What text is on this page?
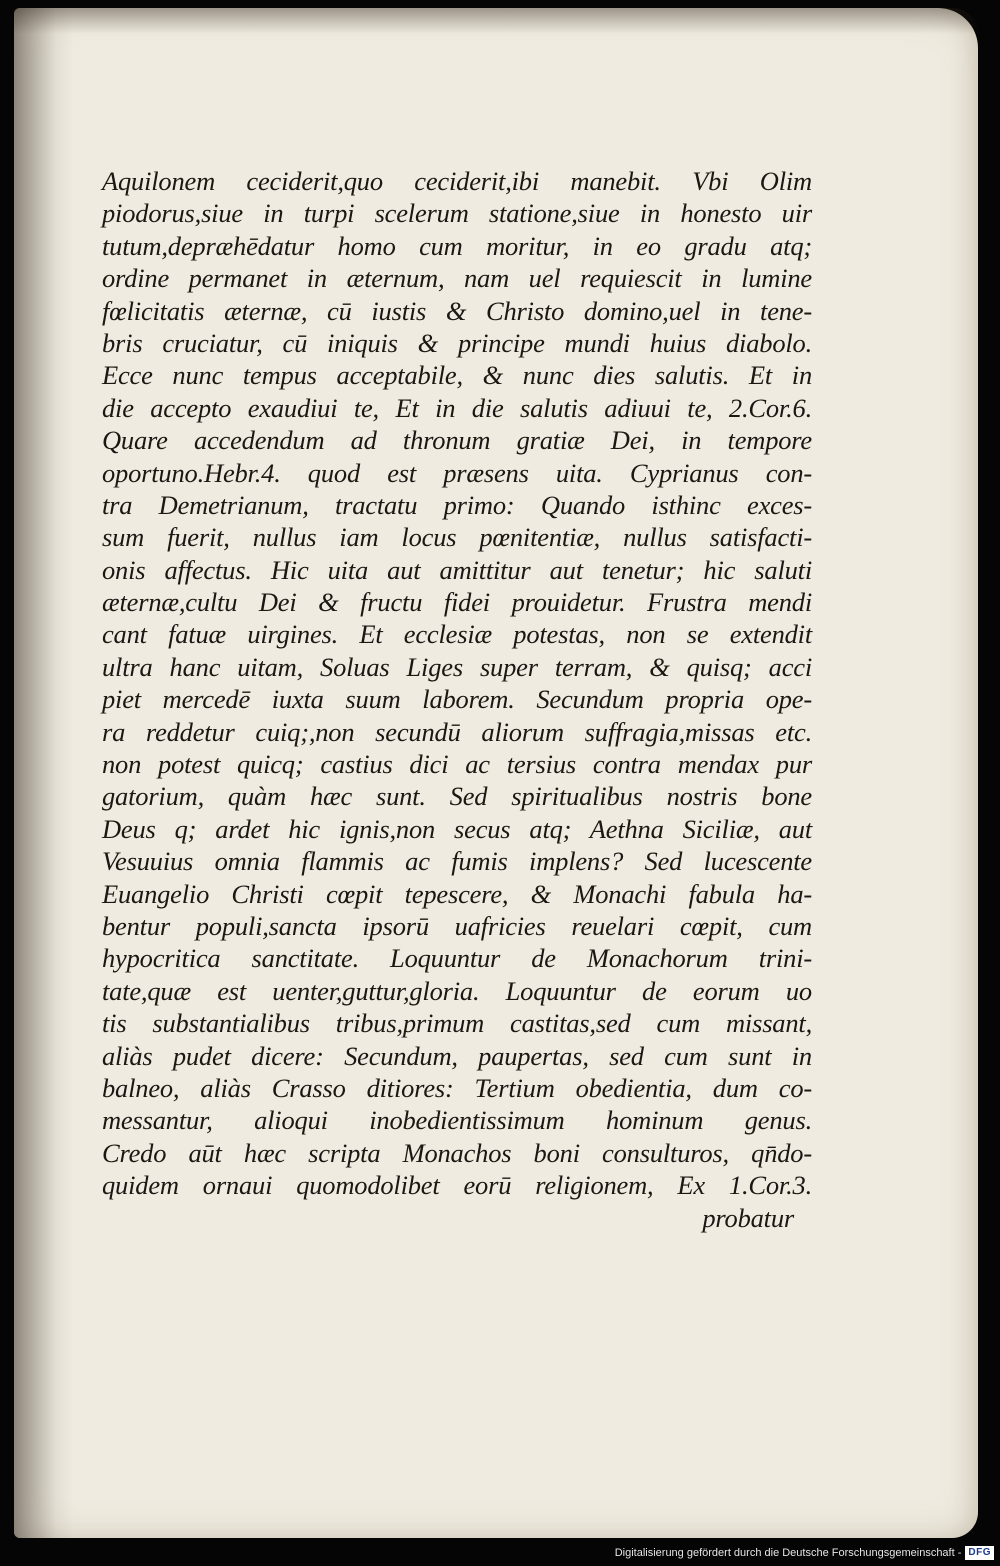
Aquilonem ceciderit,quo ceciderit,ibi manebit. Vbi Olim
piodorus,siue in turpi scelerum statione,siue in honesto uir
tutum,depræhēdatur homo cum moritur, in eo gradu atq;
ordine permanet in æternum, nam uel requiescit in lumine
fœlicitatis æternæ, cū iustis & Christo domino,uel in tene-
bris cruciatur, cū iniquis & principe mundi huius diabolo.
Ecce nunc tempus acceptabile, & nunc dies salutis. Et in
die accepto exaudiui te, Et in die salutis adiuui te, 2.Cor.6.
Quare accedendum ad thronum gratiæ Dei, in tempore
oportuno.Hebr.4. quod est præsens uita. Cyprianus con-
tra Demetrianum, tractatu primo: Quando isthinc exces-
sum fuerit, nullus iam locus pœnitentiæ, nullus satisfacti-
onis affectus. Hic uita aut amittitur aut tenetur; hic saluti
æternæ,cultu Dei & fructu fidei prouidetur. Frustra mendi
cant fatuæ uirgines. Et ecclesiæ potestas, non se extendit
ultra hanc uitam, Soluas Liges super terram, & quisq; acci
piet mercedē iuxta suum laborem. Secundum propria ope-
ra reddetur cuiq;,non secundū aliorum suffragia,missas etc.
non potest quicq; castius dici ac tersius contra mendax pur
gatorium, quàm hæc sunt. Sed spiritualibus nostris bone
Deus q; ardet hic ignis,non secus atq; Aethna Siciliæ, aut
Vesuuius omnia flammis ac fumis implens? Sed lucescente
Euangelio Christi cœpit tepescere, & Monachi fabula ha-
bentur populi,sancta ipsorū uafricies reuelari cœpit, cum
hypocritica sanctitate. Loquuntur de Monachorum trini-
tate,quæ est uenter,guttur,gloria. Loquuntur de eorum uo
tis substantialibus tribus,primum castitas,sed cum missant,
aliàs pudet dicere: Secundum, paupertas, sed cum sunt in
balneo, aliàs Crasso ditiores: Tertium obedientia, dum co-
messantur, alioqui inobedientissimum hominum genus.
Credo aūt hæc scripta Monachos boni consulturos, qn̄do-
quidem ornaui quomodolibet eorū religionem, Ex 1.Cor.3.
probatur
Digitalisierung gefördert durch die Deutsche Forschungsgemeinschaft - DFG
